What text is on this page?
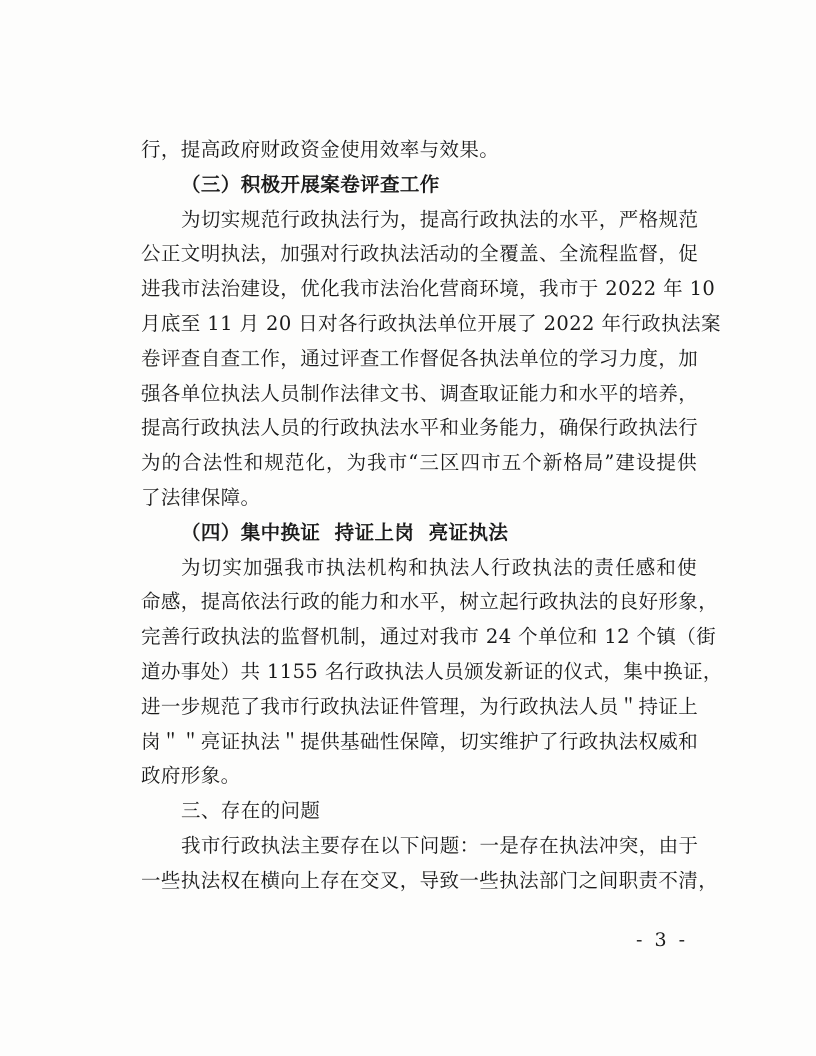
行，提高政府财政资金使用效率与效果。
（三）积极开展案卷评查工作
为切实规范行政执法行为，提高行政执法的水平，严格规范
公正文明执法，加强对行政执法活动的全覆盖、全流程监督，促
进我市法治建设，优化我市法治化营商环境，我市于 2022 年 10
月底至 11 月 20 日对各行政执法单位开展了 2022 年行政执法案
卷评查自查工作，通过评查工作督促各执法单位的学习力度，加
强各单位执法人员制作法律文书、调查取证能力和水平的培养，
提高行政执法人员的行政执法水平和业务能力，确保行政执法行
为的合法性和规范化，为我市“三区四市五个新格局”建设提供
了法律保障。
（四）集中换证  持证上岗  亮证执法
为切实加强我市执法机构和执法人行政执法的责任感和使
命感，提高依法行政的能力和水平，树立起行政执法的良好形象，
完善行政执法的监督机制，通过对我市 24 个单位和 12 个镇（街
道办事处）共 1155 名行政执法人员颁发新证的仪式，集中换证，
进一步规范了我市行政执法证件管理，为行政执法人员＂持证上
岗＂＂亮证执法＂提供基础性保障，切实维护了行政执法权威和
政府形象。
三、存在的问题
我市行政执法主要存在以下问题：一是存在执法冲突，由于
一些执法权在横向上存在交叉，导致一些执法部门之间职责不清，
- 3 -
